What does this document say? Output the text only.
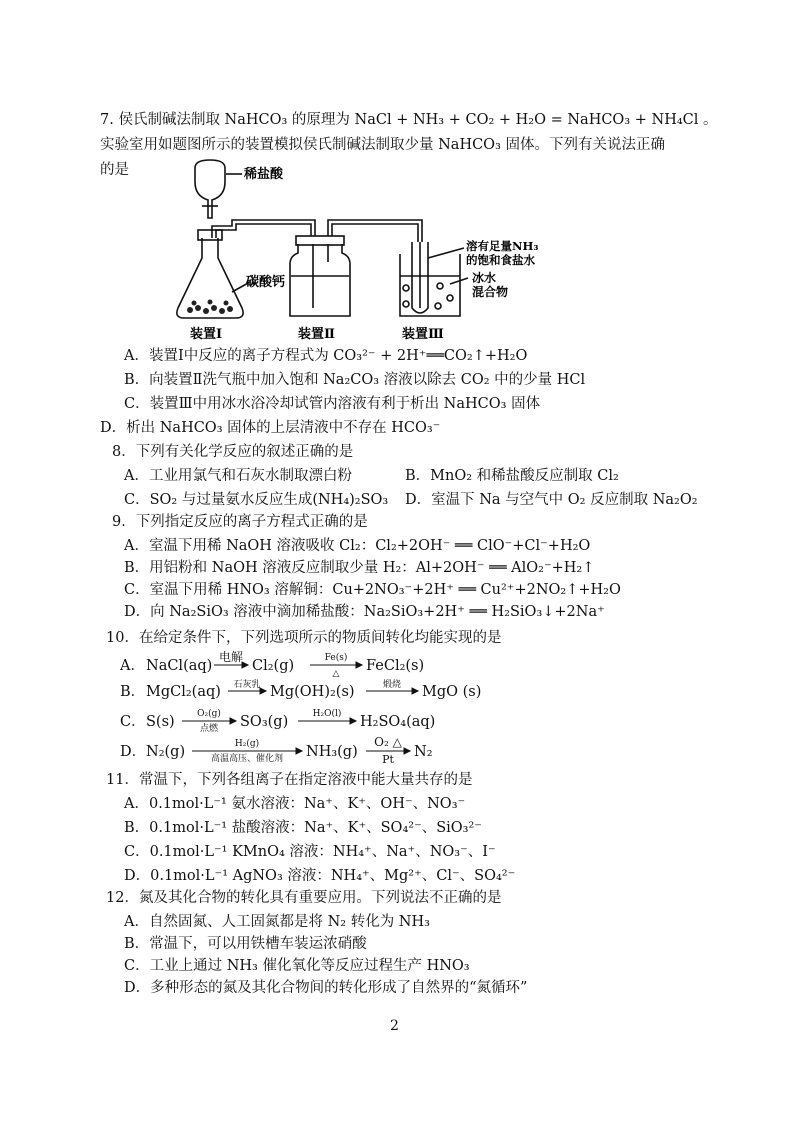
7. 侯氏制碱法制取 NaHCO₃ 的原理为 NaCl + NH₃ + CO₂ + H₂O = NaHCO₃ + NH₄Cl 。
实验室用如题图所示的装置模拟侯氏制碱法制取少量 NaHCO₃ 固体。下列有关说法正确
的是	稀盐酸
碳酸钙
溶有足量NH₃
的饱和食盐水
冰水
混合物
装置Ⅰ	装置Ⅱ	装置Ⅲ
A．装置Ⅰ中反应的离子方程式为 CO₃²⁻ + 2H⁺══CO₂↑+H₂O
B．向装置Ⅱ洗气瓶中加入饱和 Na₂CO₃ 溶液以除去 CO₂ 中的少量 HCl
C．装置Ⅲ中用冰水浴冷却试管内溶液有利于析出 NaHCO₃ 固体
D．析出 NaHCO₃ 固体的上层清液中不存在 HCO₃⁻
8．下列有关化学反应的叙述正确的是
A．工业用氯气和石灰水制取漂白粉	B．MnO₂ 和稀盐酸反应制取 Cl₂
C．SO₂ 与过量氨水反应生成(NH₄)₂SO₃ D．室温下 Na 与空气中 O₂ 反应制取 Na₂O₂
9．下列指定反应的离子方程式正确的是
A．室温下用稀 NaOH 溶液吸收 Cl₂：Cl₂+2OH⁻ ══ ClO⁻+Cl⁻+H₂O
B．用铝粉和 NaOH 溶液反应制取少量 H₂：Al+2OH⁻ ══ AlO₂⁻+H₂↑
C．室温下用稀 HNO₃ 溶解铜：Cu+2NO₃⁻+2H⁺ ══ Cu²⁺+2NO₂↑+H₂O
D．向 Na₂SiO₃ 溶液中滴加稀盐酸：Na₂SiO₃+2H⁺ ══ H₂SiO₃↓+2Na⁺
10．在给定条件下，下列选项所示的物质间转化均能实现的是
A． NaCl(aq)	Cl₂(g)	FeCl₂(s)
B． MgCl₂(aq)	Mg(OH)₂(s)	MgO (s)
C． S(s)	SO₃(g)	H₂SO₄(aq)
D． N₂(g)	NH₃(g)	N₂
电解	Fe(s)
△
石灰乳	煅烧
O₂(g)
点燃
H₂O(l)
H₂(g)
高温高压、催化剂
O₂ △
Pt
11．常温下，下列各组离子在指定溶液中能大量共存的是
A．0.1mol·L⁻¹ 氨水溶液：Na⁺、K⁺、OH⁻、NO₃⁻
B．0.1mol·L⁻¹ 盐酸溶液：Na⁺、K⁺、SO₄²⁻、SiO₃²⁻
C．0.1mol·L⁻¹ KMnO₄ 溶液：NH₄⁺、Na⁺、NO₃⁻、I⁻
D．0.1mol·L⁻¹ AgNO₃ 溶液：NH₄⁺、Mg²⁺、Cl⁻、SO₄²⁻
12．氮及其化合物的转化具有重要应用。下列说法不正确的是
A．自然固氮、人工固氮都是将 N₂ 转化为 NH₃
B．常温下，可以用铁槽车装运浓硝酸
C．工业上通过 NH₃ 催化氧化等反应过程生产 HNO₃
D．多种形态的氮及其化合物间的转化形成了自然界的“氮循环”
2
